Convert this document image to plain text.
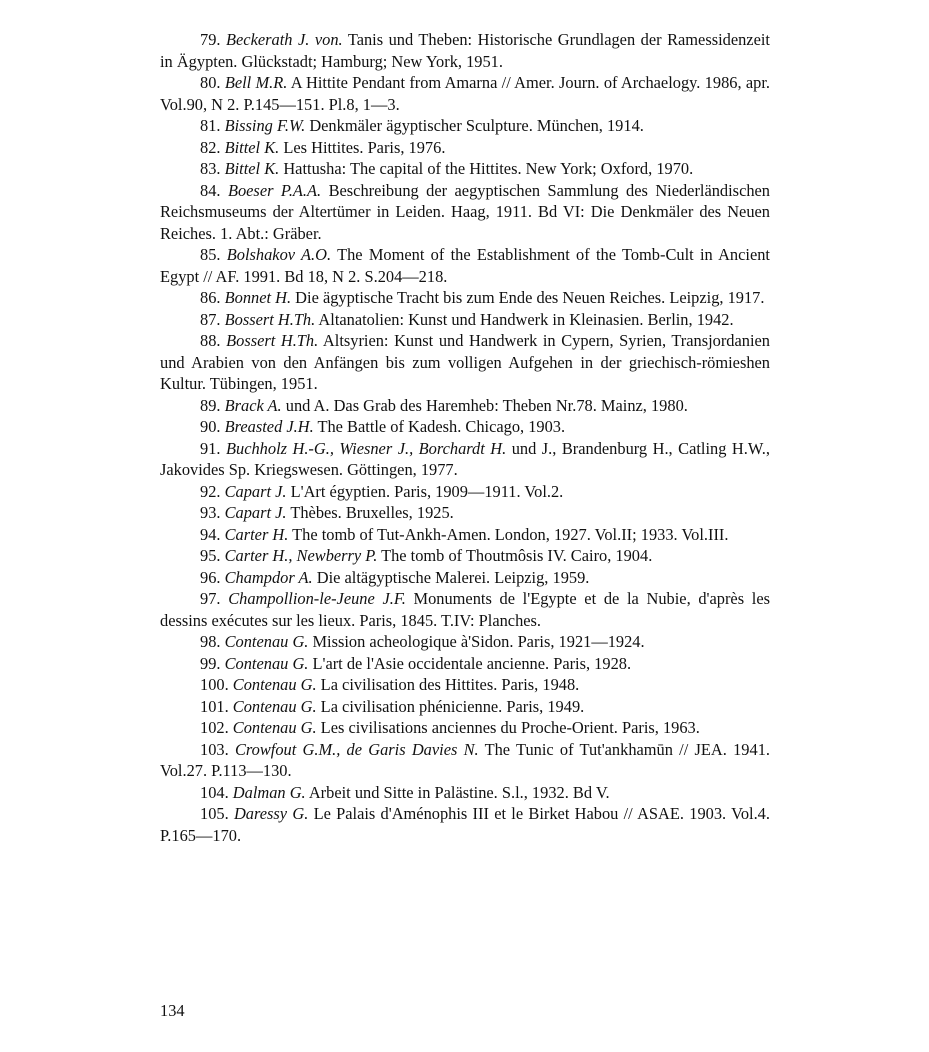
79. Beckerath J. von. Tanis und Theben: Historische Grundlagen der Ramessidenzeit in Ägypten. Glückstadt; Hamburg; New York, 1951.

80. Bell M.R. A Hittite Pendant from Amarna // Amer. Journ. of Archaelogy. 1986, apr. Vol.90, N 2. P.145—151. Pl.8, 1—3.

81. Bissing F.W. Denkmäler ägyptischer Sculpture. München, 1914.

82. Bittel K. Les Hittites. Paris, 1976.

83. Bittel K. Hattusha: The capital of the Hittites. New York; Oxford, 1970.

84. Boeser P.A.A. Beschreibung der aegyptischen Sammlung des Niederländischen Reichsmuseums der Altertümer in Leiden. Haag, 1911. Bd VI: Die Denkmäler des Neuen Reiches. 1. Abt.: Gräber.

85. Bolshakov A.O. The Moment of the Establishment of the Tomb-Cult in Ancient Egypt // AF. 1991. Bd 18, N 2. S.204—218.

86. Bonnet H. Die ägyptische Tracht bis zum Ende des Neuen Reiches. Leipzig, 1917.

87. Bossert H.Th. Altanatolien: Kunst und Handwerk in Kleinasien. Berlin, 1942.

88. Bossert H.Th. Altsyrien: Kunst und Handwerk in Cypern, Syrien, Transjordanien und Arabien von den Anfängen bis zum volligen Aufgehen in der griechisch-römieshen Kultur. Tübingen, 1951.

89. Brack A. und A. Das Grab des Haremheb: Theben Nr.78. Mainz, 1980.

90. Breasted J.H. The Battle of Kadesh. Chicago, 1903.

91. Buchholz H.-G., Wiesner J., Borchardt H. und J., Brandenburg H., Catling H.W., Jakovides Sp. Kriegswesen. Göttingen, 1977.

92. Capart J. L'Art égyptien. Paris, 1909—1911. Vol.2.

93. Capart J. Thèbes. Bruxelles, 1925.

94. Carter H. The tomb of Tut-Ankh-Amen. London, 1927. Vol.II; 1933. Vol.III.

95. Carter H., Newberry P. The tomb of Thoutmôsis IV. Cairo, 1904.

96. Champdor A. Die altägyptische Malerei. Leipzig, 1959.

97. Champollion-le-Jeune J.F. Monuments de l'Egypte et de la Nubie, d'après les dessins exécutes sur les lieux. Paris, 1845. T.IV: Planches.

98. Contenau G. Mission acheologique à'Sidon. Paris, 1921—1924.

99. Contenau G. L'art de l'Asie occidentale ancienne. Paris, 1928.

100. Contenau G. La civilisation des Hittites. Paris, 1948.

101. Contenau G. La civilisation phénicienne. Paris, 1949.

102. Contenau G. Les civilisations anciennes du Proche-Orient. Paris, 1963.

103. Crowfout G.M., de Garis Davies N. The Tunic of Tut'ankhamūn // JEA. 1941. Vol.27. P.113—130.

104. Dalman G. Arbeit und Sitte in Palästine. S.l., 1932. Bd V.

105. Daressy G. Le Palais d'Aménophis III et le Birket Habou // ASAE. 1903. Vol.4. P.165—170.

134
